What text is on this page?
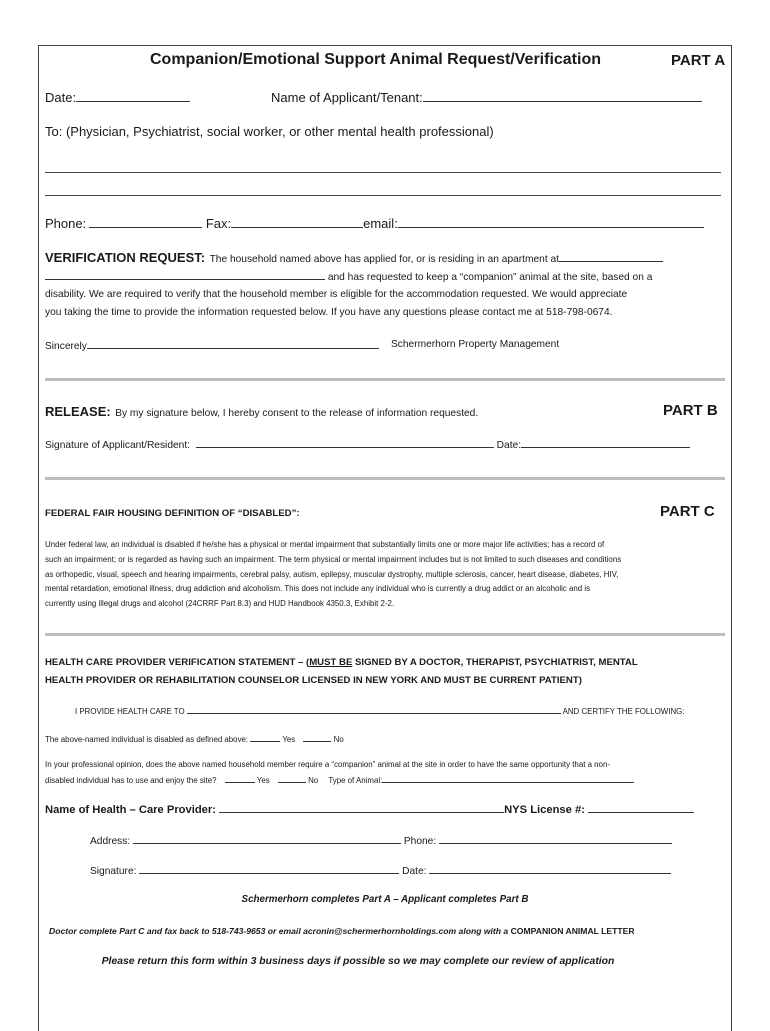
Companion/Emotional Support Animal Request/Verification	PART A
Date:	Name of Applicant/Tenant:
To: (Physician, Psychiatrist, social worker, or other mental health professional)
Phone:	Fax:	email:
VERIFICATION REQUEST: The household named above has applied for, or is residing in an apartment at
and has requested to keep a “companion” animal at the site, based on a
disability. We are required to verify that the household member is eligible for the accommodation requested. We would appreciate
you taking the time to provide the information requested below. If you have any questions please contact me at 518-798-0674.
Sincerely	Schermerhorn Property Management
RELEASE: By my signature below, I hereby consent to the release of information requested.	PART B
Signature of Applicant/Resident:	Date:
FEDERAL FAIR HOUSING DEFINITION OF “DISABLED”:	PART C
Under federal law, an individual is disabled if he/she has a physical or mental impairment that substantially limits one or more major life activities; has a record of
such an impairment; or is regarded as having such an impairment. The term physical or mental impairment includes but is not limited to such diseases and conditions
as orthopedic, visual, speech and hearing impairments, cerebral palsy, autism, epilepsy, muscular dystrophy, multiple sclerosis, cancer, heart disease, diabetes, HIV,
mental retardation, emotional illness, drug addiction and alcoholism. This does not include any individual who is currently a drug addict or an alcoholic and is
currently using illegal drugs and alcohol (24CRRF Part 8.3) and HUD Handbook 4350.3, Exhibit 2-2.
HEALTH CARE PROVIDER VERIFICATION STATEMENT – (MUST BE SIGNED BY A DOCTOR, THERAPIST, PSYCHIATRIST, MENTAL
HEALTH PROVIDER OR REHABILITATION COUNSELOR LICENSED IN NEW YORK AND MUST BE CURRENT PATIENT)
I PROVIDE HEALTH CARE TO	AND CERTIFY THE FOLLOWING:
The above-named individual is disabled as defined above:	Yes	No
In your professional opinion, does the above named household member require a “companion” animal at the site in order to have the same opportunity that a non-
disabled individual has to use and enjoy the site?	Yes	No Type of Animal:
Name of Health – Care Provider:	NYS License #:
Address:	Phone:
Signature:	Date:
Schermerhorn completes Part A – Applicant completes Part B
Doctor complete Part C and fax back to 518-743-9653 or email acronin@schermerhornholdings.com along with a COMPANION ANIMAL LETTER
Please return this form within 3 business days if possible so we may complete our review of application
